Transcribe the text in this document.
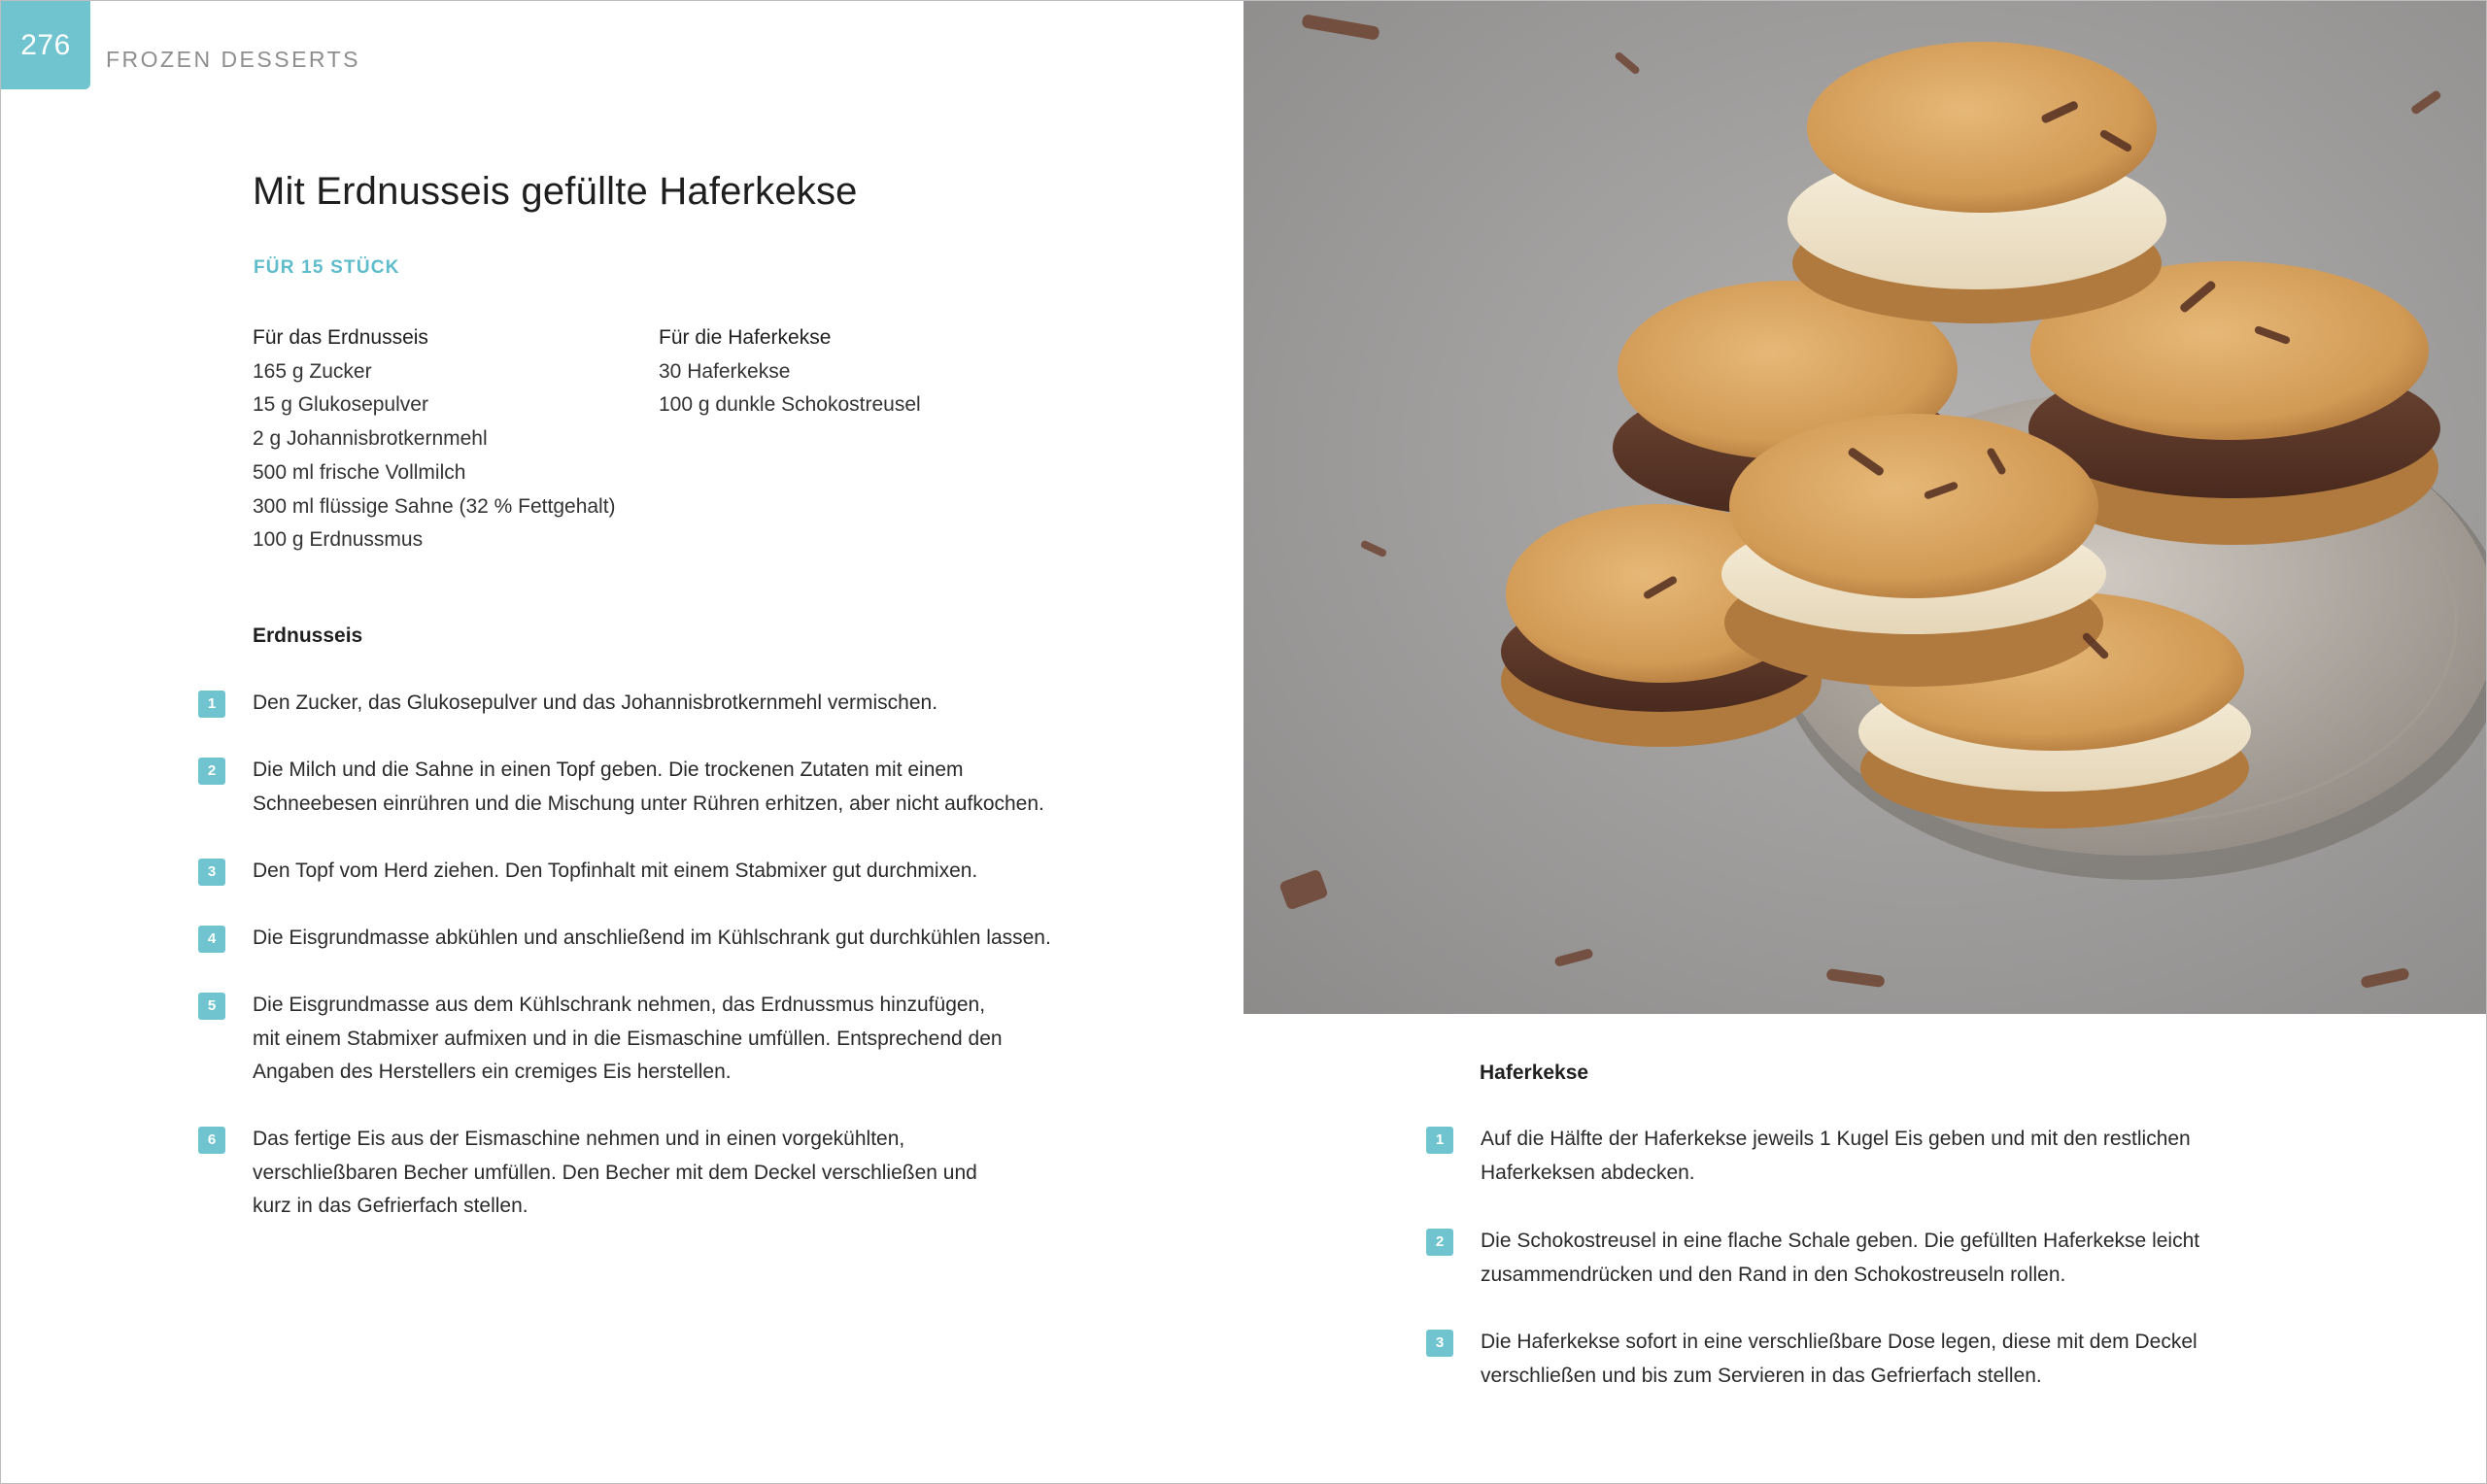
276	FROZEN DESSERTS
Mit Erdnusseis gefüllte Haferkekse
FÜR 15 STÜCK
Für das Erdnusseis
165 g Zucker
15 g Glukosepulver
2 g Johannisbrotkernmehl
500 ml frische Vollmilch
300 ml flüssige Sahne (32 % Fettgehalt)
100 g Erdnussmus
Für die Haferkekse
30 Haferkekse
100 g dunkle Schokostreusel
Erdnusseis
1	Den Zucker, das Glukosepulver und das Johannisbrotkernmehl vermischen.
2	Die Milch und die Sahne in einen Topf geben. Die trockenen Zutaten mit einem
Schneebesen einrühren und die Mischung unter Rühren erhitzen, aber nicht aufkochen.
3	Den Topf vom Herd ziehen. Den Topfinhalt mit einem Stabmixer gut durchmixen.
4	Die Eisgrundmasse abkühlen und anschließend im Kühlschrank gut durchkühlen lassen.
5	Die Eisgrundmasse aus dem Kühlschrank nehmen, das Erdnussmus hinzufügen,
mit einem Stabmixer aufmixen und in die Eismaschine umfüllen. Entsprechend den
Angaben des Herstellers ein cremiges Eis herstellen.
6	Das fertige Eis aus der Eismaschine nehmen und in einen vorgekühlten,
verschließbaren Becher umfüllen. Den Becher mit dem Deckel verschließen und
kurz in das Gefrierfach stellen.
Haferkekse
1	Auf die Hälfte der Haferkekse jeweils 1 Kugel Eis geben und mit den restlichen
Haferkeksen abdecken.
2	Die Schokostreusel in eine flache Schale geben. Die gefüllten Haferkekse leicht
zusammendrücken und den Rand in den Schokostreuseln rollen.
3	Die Haferkekse sofort in eine verschließbare Dose legen, diese mit dem Deckel
verschließen und bis zum Servieren in das Gefrierfach stellen.
